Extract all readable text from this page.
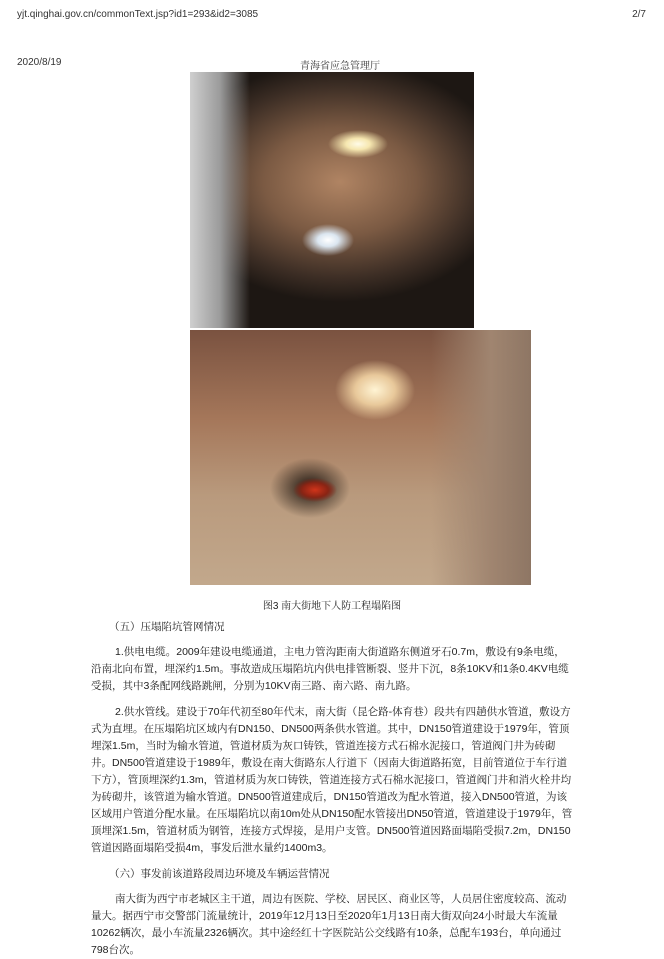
yjt.qinghai.gov.cn/commonText.jsp?id1=293&id2=3085	2/7
2020/8/19	青海省应急管理厅
图3 南大街地下人防工程塌陷图

（五）压塌陷坑管网情况

1.供电电缆。2009年建设电缆通道，主电力管沟距南大街道路东侧道牙石0.7m，敷设有9条电缆，沿南北向布置，埋深约1.5m。事故造成压塌陷坑内供电排管断裂、竖井下沉，8条10KV和1条0.4KV电缆受损，其中3条配网线路跳闸，分别为10KV南三路、南六路、南九路。

2.供水管线。建设于70年代初至80年代末，南大街（昆仑路-体育巷）段共有四趟供水管道，敷设方式为直埋。在压塌陷坑区域内有DN150、DN500两条供水管道。其中，DN150管道建设于1979年，管顶埋深1.5m，当时为输水管道，管道材质为灰口铸铁，管道连接方式石棉水泥接口，管道阀门井为砖砌井。DN500管道建设于1989年，敷设在南大街路东人行道下（因南大街道路拓宽，目前管道位于车行道下方），管顶埋深约1.3m，管道材质为灰口铸铁，管道连接方式石棉水泥接口，管道阀门井和消火栓井均为砖砌井，该管道为输水管道。DN500管道建成后，DN150管道改为配水管道，接入DN500管道，为该区域用户管道分配水量。在压塌陷坑以南10m处从DN150配水管接出DN50管道，管道建设于1979年，管顶埋深1.5m，管道材质为钢管，连接方式焊接，是用户支管。DN500管道因路面塌陷受损7.2m，DN150管道因路面塌陷受损4m，事发后泄水量约1400m3。

（六）事发前该道路段周边环境及车辆运营情况

南大街为西宁市老城区主干道，周边有医院、学校、居民区、商业区等，人员居住密度较高、流动量大。据西宁市交警部门流量统计，2019年12月13日至2020年1月13日南大街双向24小时最大车流量10262辆次，最小车流量2326辆次。其中途经红十字医院站公交线路有10条，总配车193台，单向通过798台次。
